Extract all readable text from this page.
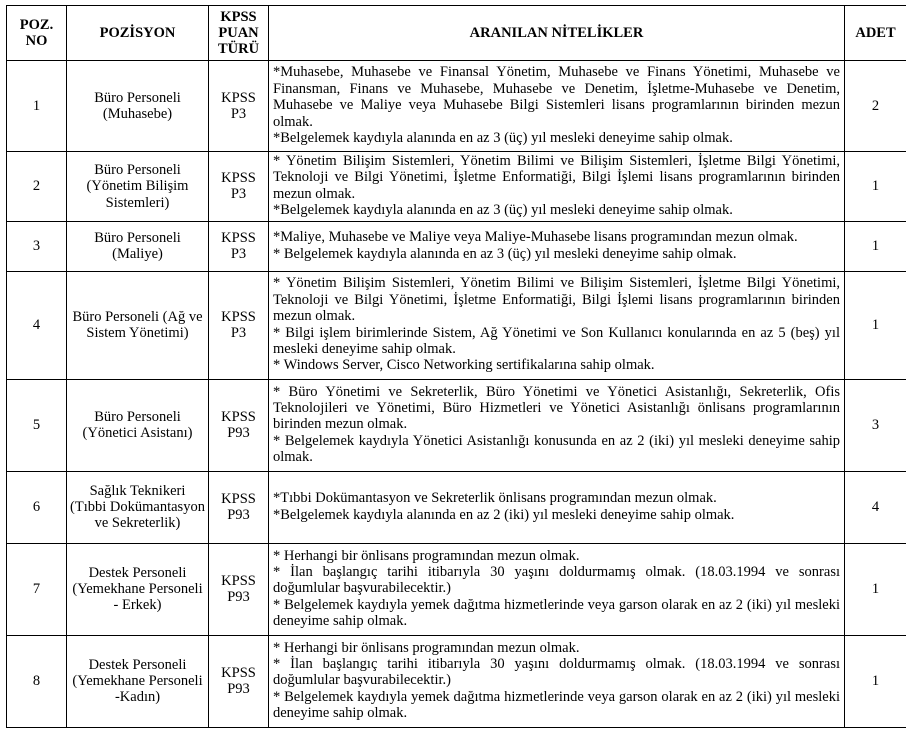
POZ. NO	POZİSYON	KPSS PUAN TÜRÜ	ARANILAN NİTELİKLER	ADET
1	Büro Personeli (Muhasebe)	KPSS P3	*Muhasebe, Muhasebe ve Finansal Yönetim, Muhasebe ve Finans Yönetimi, Muhasebe ve Finansman, Finans ve Muhasebe, Muhasebe ve Denetim, İşletme-Muhasebe ve Denetim, Muhasebe ve Maliye veya Muhasebe Bilgi Sistemleri lisans programlarının birinden mezun olmak.
*Belgelemek kaydıyla alanında en az 3 (üç) yıl mesleki deneyime sahip olmak.	2
2	Büro Personeli (Yönetim Bilişim Sistemleri)	KPSS P3	* Yönetim Bilişim Sistemleri, Yönetim Bilimi ve Bilişim Sistemleri, İşletme Bilgi Yönetimi, Teknoloji ve Bilgi Yönetimi, İşletme Enformatiği, Bilgi İşlemi lisans programlarının birinden mezun olmak.
*Belgelemek kaydıyla alanında en az 3 (üç) yıl mesleki deneyime sahip olmak.	1
3	Büro Personeli (Maliye)	KPSS P3	*Maliye, Muhasebe ve Maliye veya Maliye-Muhasebe lisans programından mezun olmak.
* Belgelemek kaydıyla alanında en az 3 (üç) yıl mesleki deneyime sahip olmak.	1
4	Büro Personeli (Ağ ve Sistem Yönetimi)	KPSS P3	* Yönetim Bilişim Sistemleri, Yönetim Bilimi ve Bilişim Sistemleri, İşletme Bilgi Yönetimi, Teknoloji ve Bilgi Yönetimi, İşletme Enformatiği, Bilgi İşlemi lisans programlarının birinden mezun olmak.
* Bilgi işlem birimlerinde Sistem, Ağ Yönetimi ve Son Kullanıcı konularında en az 5 (beş) yıl mesleki deneyime sahip olmak.
* Windows Server, Cisco Networking sertifikalarına sahip olmak.	1
5	Büro Personeli (Yönetici Asistanı)	KPSS P93	* Büro Yönetimi ve Sekreterlik, Büro Yönetimi ve Yönetici Asistanlığı, Sekreterlik, Ofis Teknolojileri ve Yönetimi, Büro Hizmetleri ve Yönetici Asistanlığı önlisans programlarının birinden mezun olmak.
* Belgelemek kaydıyla Yönetici Asistanlığı konusunda en az 2 (iki) yıl mesleki deneyime sahip olmak.	3
6	Sağlık Teknikeri (Tıbbi Dokümantasyon ve Sekreterlik)	KPSS P93	*Tıbbi Dokümantasyon ve Sekreterlik önlisans programından mezun olmak.
*Belgelemek kaydıyla alanında en az 2 (iki) yıl mesleki deneyime sahip olmak.	4
7	Destek Personeli (Yemekhane Personeli - Erkek)	KPSS P93	* Herhangi bir önlisans programından mezun olmak.
* İlan başlangıç tarihi itibarıyla 30 yaşını doldurmamış olmak. (18.03.1994 ve sonrası doğumlular başvurabilecektir.)
* Belgelemek kaydıyla yemek dağıtma hizmetlerinde veya garson olarak en az 2 (iki) yıl mesleki deneyime sahip olmak.	1
8	Destek Personeli (Yemekhane Personeli -Kadın)	KPSS P93	* Herhangi bir önlisans programından mezun olmak.
* İlan başlangıç tarihi itibarıyla 30 yaşını doldurmamış olmak. (18.03.1994 ve sonrası doğumlular başvurabilecektir.)
* Belgelemek kaydıyla yemek dağıtma hizmetlerinde veya garson olarak en az 2 (iki) yıl mesleki deneyime sahip olmak.	1
